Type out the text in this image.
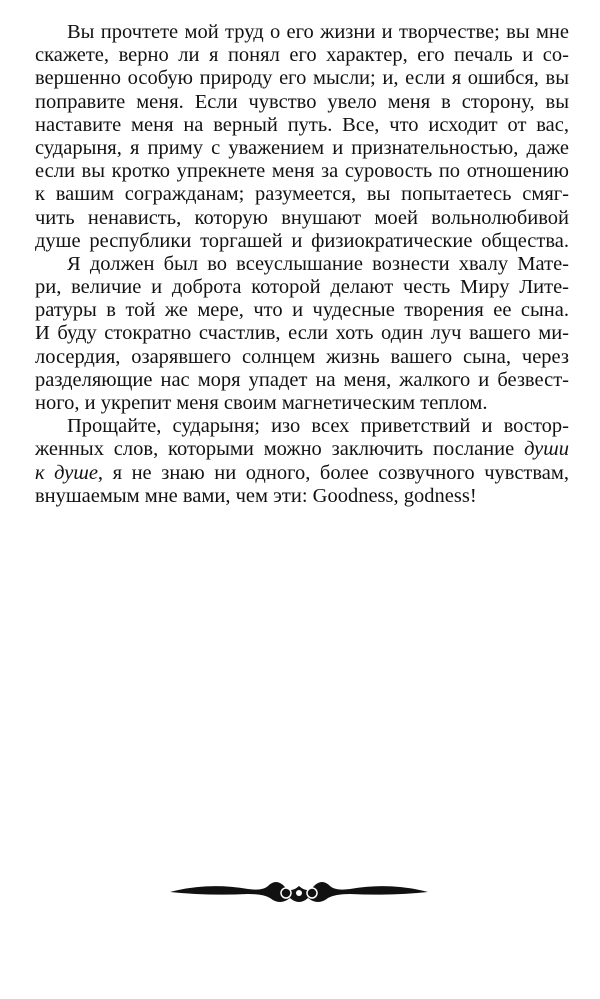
Вы прочтете мой труд о его жизни и творчестве; вы мне
скажете, верно ли я понял его характер, его печаль и со-
вершенно особую природу его мысли; и, если я ошибся, вы
поправите меня. Если чувство увело меня в сторону, вы
наставите меня на верный путь. Все, что исходит от вас,
сударыня, я приму с уважением и признательностью, даже
если вы кротко упрекнете меня за суровость по отношению
к вашим согражданам; разумеется, вы попытаетесь смяг-
чить ненависть, которую внушают моей вольнолюбивой
душе республики торгашей и физиократические общества.
Я должен был во всеуслышание вознести хвалу Мате-
ри, величие и доброта которой делают честь Миру Лите-
ратуры в той же мере, что и чудесные творения ее сына.
И буду стократно счастлив, если хоть один луч вашего ми-
лосердия, озарявшего солнцем жизнь вашего сына, через
разделяющие нас моря упадет на меня, жалкого и безвест-
ного, и укрепит меня своим магнетическим теплом.
Прощайте, сударыня; изо всех приветствий и востор-
женных слов, которыми можно заключить послание души
к душе, я не знаю ни одного, более созвучного чувствам,
внушаемым мне вами, чем эти: Goodness, godness!
